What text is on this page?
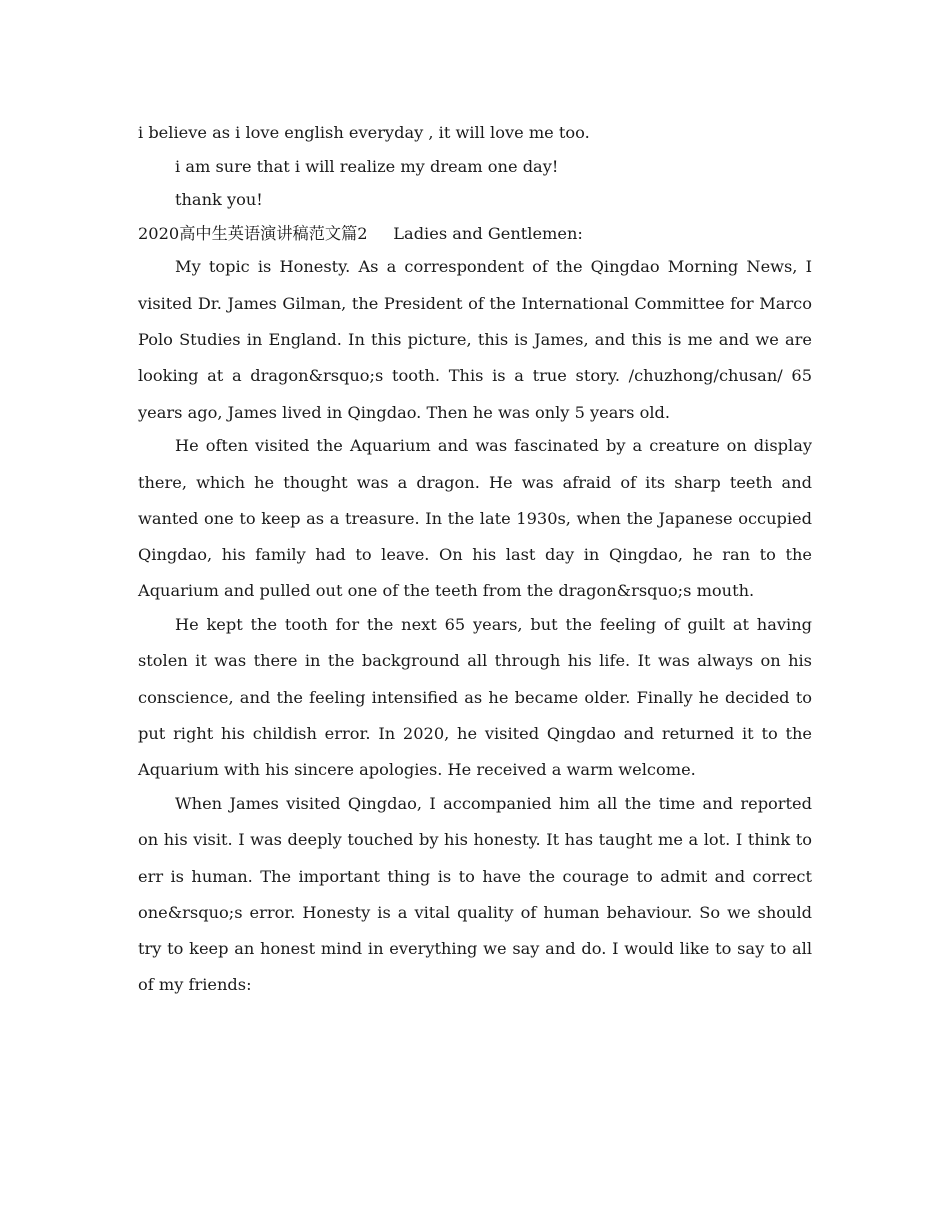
i believe as i love english everyday , it will love me too.

i am sure that i will realize my dream one day!

thank you!

2020高中生英语演讲稿范文篇2 Ladies and Gentlemen:

My topic is Honesty. As a correspondent of the Qingdao Morning News, I visited Dr. James Gilman, the President of the International Committee for Marco Polo Studies in England. In this picture, this is James, and this is me and we are looking at a dragon&rsquo;s tooth. This is a true story. /chuzhong/chusan/ 65 years ago, James lived in Qingdao. Then he was only 5 years old.

He often visited the Aquarium and was fascinated by a creature on display there, which he thought was a dragon. He was afraid of its sharp teeth and wanted one to keep as a treasure. In the late 1930s, when the Japanese occupied Qingdao, his family had to leave. On his last day in Qingdao, he ran to the Aquarium and pulled out one of the teeth from the dragon&rsquo;s mouth.

He kept the tooth for the next 65 years, but the feeling of guilt at having stolen it was there in the background all through his life. It was always on his conscience, and the feeling intensified as he became older. Finally he decided to put right his childish error. In 2020, he visited Qingdao and returned it to the Aquarium with his sincere apologies. He received a warm welcome.

When James visited Qingdao, I accompanied him all the time and reported on his visit. I was deeply touched by his honesty. It has taught me a lot. I think to err is human. The important thing is to have the courage to admit and correct one&rsquo;s error. Honesty is a vital quality of human behaviour. So we should try to keep an honest mind in everything we say and do. I would like to say to all of my friends:
